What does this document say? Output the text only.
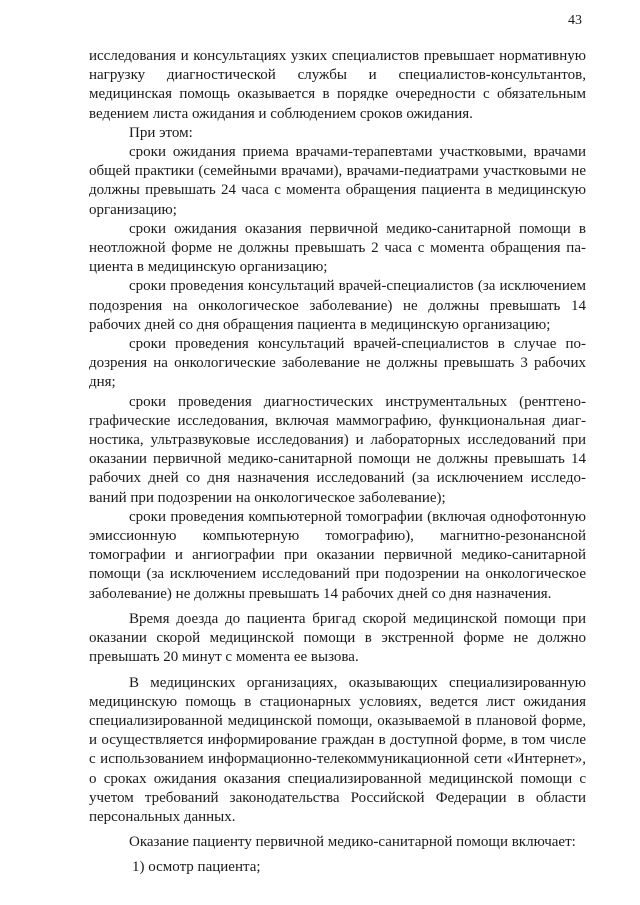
43

исследования и консультациях узких специалистов превышает нормативную нагрузку диагностической службы и специалистов-консультантов, медицинская помощь оказывается в порядке очередности с обязательным ведением листа ожидания и соблюдением сроков ожидания.

При этом:

сроки ожидания приема врачами-терапевтами участковыми, врачами общей практики (семейными врачами), врачами-педиатрами участковыми не должны превышать 24 часа с момента обращения пациента в медицинскую организацию;

сроки ожидания оказания первичной медико-санитарной помощи в неотложной форме не должны превышать 2 часа с момента обращения пациента в медицинскую организацию;

сроки проведения консультаций врачей-специалистов (за исключением подозрения на онкологическое заболевание) не должны превышать 14 рабочих дней со дня обращения пациента в медицинскую организацию;

сроки проведения консультаций врачей-специалистов в случае подозрения на онкологические заболевание не должны превышать 3 рабочих дня;

сроки проведения диагностических инструментальных (рентгенографические исследования, включая маммографию, функциональная диагностика, ультразвуковые исследования) и лабораторных исследований при оказании первичной медико-санитарной помощи не должны превышать 14 рабочих дней со дня назначения исследований (за исключением исследований при подозрении на онкологическое заболевание);

сроки проведения компьютерной томографии (включая однофотонную эмиссионную компьютерную томографию), магнитно-резонансной томографии и ангиографии при оказании первичной медико-санитарной помощи (за исключением исследований при подозрении на онкологическое заболевание) не должны превышать 14 рабочих дней со дня назначения.

Время доезда до пациента бригад скорой медицинской помощи при оказании скорой медицинской помощи в экстренной форме не должно превышать 20 минут с момента ее вызова.

В медицинских организациях, оказывающих специализированную медицинскую помощь в стационарных условиях, ведется лист ожидания специализированной медицинской помощи, оказываемой в плановой форме, и осуществляется информирование граждан в доступной форме, в том числе с использованием информационно-телекоммуникационной сети «Интернет», о сроках ожидания оказания специализированной медицинской помощи с учетом требований законодательства Российской Федерации в области персональных данных.

Оказание пациенту первичной медико-санитарной помощи включает:

1) осмотр пациента;
